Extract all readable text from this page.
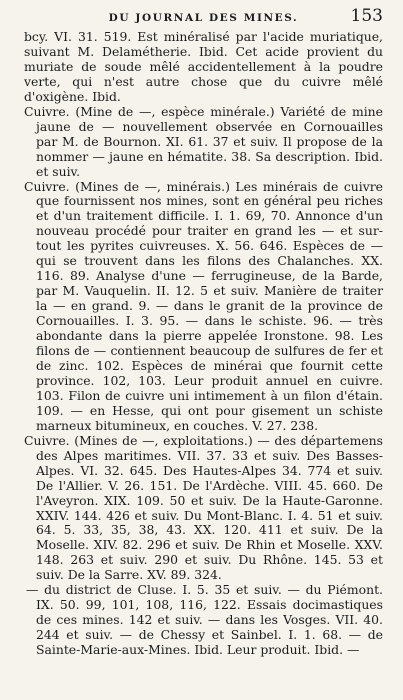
DU JOURNAL DES MINES.	153

bcy. VI. 31. 519. Est minéralisé par l'acide muriatique, suivant M. Delamétherie. Ibid. Cet acide provient du muriate de soude mêlé accidentellement à la poudre verte, qui n'est autre chose que du cuivre mêlé d'oxigène. Ibid.

Cuivre. (Mine de —, espèce minérale.) Variété de mine jaune de — nouvellement observée en Cornouailles par M. de Bournon. XI. 61. 37 et suiv. Il propose de la nommer — jaune en hématite. 38. Sa description. Ibid. et suiv.

Cuivre. (Mines de —, minérais.) Les minérais de cuivre que fournissent nos mines, sont en général peu riches et d'un traitement difficile. I. 1. 69, 70. Annonce d'un nouveau procédé pour traiter en grand les — et sur-tout les pyrites cuivreuses. X. 56. 646. Espèces de — qui se trouvent dans les filons des Chalanches. XX. 116. 89. Analyse d'une — ferrugineuse, de la Barde, par M. Vauquelin. II. 12. 5 et suiv. Manière de traiter la — en grand. 9. — dans le granit de la province de Cornouailles. I. 3. 95. — dans le schiste. 96. — très abondante dans la pierre appelée Ironstone. 98. Les filons de — contiennent beaucoup de sulfures de fer et de zinc. 102. Espèces de minérai que fournit cette province. 102, 103. Leur produit annuel en cuivre. 103. Filon de cuivre uni intimement à un filon d'étain. 109. — en Hesse, qui ont pour gisement un schiste marneux bitumineux, en couches. V. 27. 238.

Cuivre. (Mines de —, exploitations.) — des départemens des Alpes maritimes. VII. 37. 33 et suiv. Des Basses-Alpes. VI. 32. 645. Des Hautes-Alpes 34. 774 et suiv. De l'Allier. V. 26. 151. De l'Ardèche. VIII. 45. 660. De l'Aveyron. XIX. 109. 50 et suiv. De la Haute-Garonne. XXIV. 144. 426 et suiv. Du Mont-Blanc. I. 4. 51 et suiv. 64. 5. 33, 35, 38, 43. XX. 120. 411 et suiv. De la Moselle. XIV. 82. 296 et suiv. De Rhin et Moselle. XXV. 148. 263 et suiv. 290 et suiv. Du Rhône. 145. 53 et suiv. De la Sarre. XV. 89. 324.

— du district de Cluse. I. 5. 35 et suiv. — du Piémont. IX. 50. 99, 101, 108, 116, 122. Essais docimastiques de ces mines. 142 et suiv. — dans les Vosges. VII. 40. 244 et suiv. — de Chessy et Sainbel. I. 1. 68. — de Sainte-Marie-aux-Mines. Ibid. Leur produit. Ibid. —
